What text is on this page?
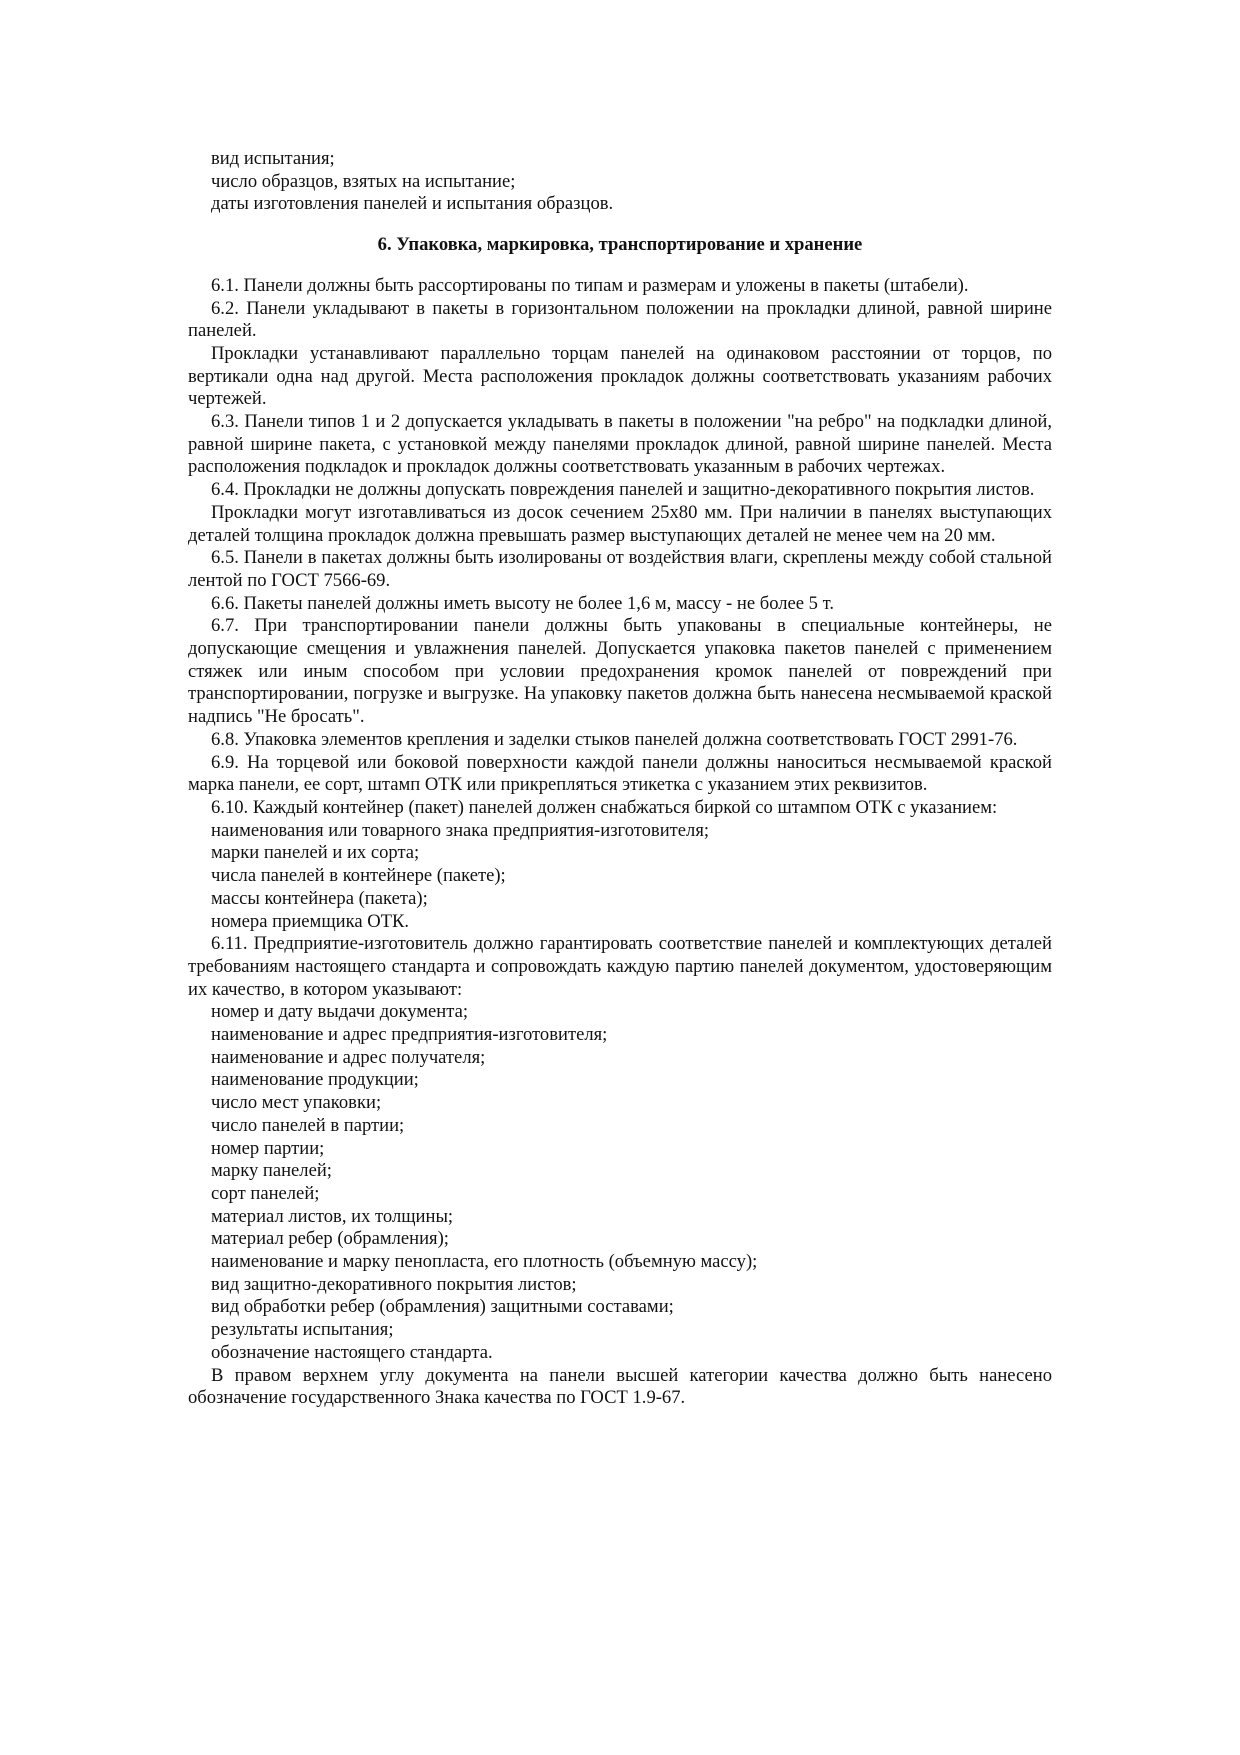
вид испытания;

число образцов, взятых на испытание;

даты изготовления панелей и испытания образцов.

6. Упаковка, маркировка, транспортирование и хранение

6.1. Панели должны быть рассортированы по типам и размерам и уложены в пакеты (штабели).

6.2. Панели укладывают в пакеты в горизонтальном положении на прокладки длиной, равной ширине панелей.

Прокладки устанавливают параллельно торцам панелей на одинаковом расстоянии от торцов, по вертикали одна над другой. Места расположения прокладок должны соответствовать указаниям рабочих чертежей.

6.3. Панели типов 1 и 2 допускается укладывать в пакеты в положении "на ребро" на подкладки длиной, равной ширине пакета, с установкой между панелями прокладок длиной, равной ширине панелей. Места расположения подкладок и прокладок должны соответствовать указанным в рабочих чертежах.

6.4. Прокладки не должны допускать повреждения панелей и защитно-декоративного покрытия листов.

Прокладки могут изготавливаться из досок сечением 25х80 мм. При наличии в панелях выступающих деталей толщина прокладок должна превышать размер выступающих деталей не менее чем на 20 мм.

6.5. Панели в пакетах должны быть изолированы от воздействия влаги, скреплены между собой стальной лентой по ГОСТ 7566-69.

6.6. Пакеты панелей должны иметь высоту не более 1,6 м, массу - не более 5 т.

6.7. При транспортировании панели должны быть упакованы в специальные контейнеры, не допускающие смещения и увлажнения панелей. Допускается упаковка пакетов панелей с применением стяжек или иным способом при условии предохранения кромок панелей от повреждений при транспортировании, погрузке и выгрузке. На упаковку пакетов должна быть нанесена несмываемой краской надпись "Не бросать".

6.8. Упаковка элементов крепления и заделки стыков панелей должна соответствовать ГОСТ 2991-76.

6.9. На торцевой или боковой поверхности каждой панели должны наноситься несмываемой краской марка панели, ее сорт, штамп ОТК или прикрепляться этикетка с указанием этих реквизитов.

6.10. Каждый контейнер (пакет) панелей должен снабжаться биркой со штампом ОТК с указанием:

наименования или товарного знака предприятия-изготовителя;

марки панелей и их сорта;

числа панелей в контейнере (пакете);

массы контейнера (пакета);

номера приемщика ОТК.

6.11. Предприятие-изготовитель должно гарантировать соответствие панелей и комплектующих деталей требованиям настоящего стандарта и сопровождать каждую партию панелей документом, удостоверяющим их качество, в котором указывают:

номер и дату выдачи документа;

наименование и адрес предприятия-изготовителя;

наименование и адрес получателя;

наименование продукции;

число мест упаковки;

число панелей в партии;

номер партии;

марку панелей;

сорт панелей;

материал листов, их толщины;

материал ребер (обрамления);

наименование и марку пенопласта, его плотность (объемную массу);

вид защитно-декоративного покрытия листов;

вид обработки ребер (обрамления) защитными составами;

результаты испытания;

обозначение настоящего стандарта.

В правом верхнем углу документа на панели высшей категории качества должно быть нанесено обозначение государственного Знака качества по ГОСТ 1.9-67.
